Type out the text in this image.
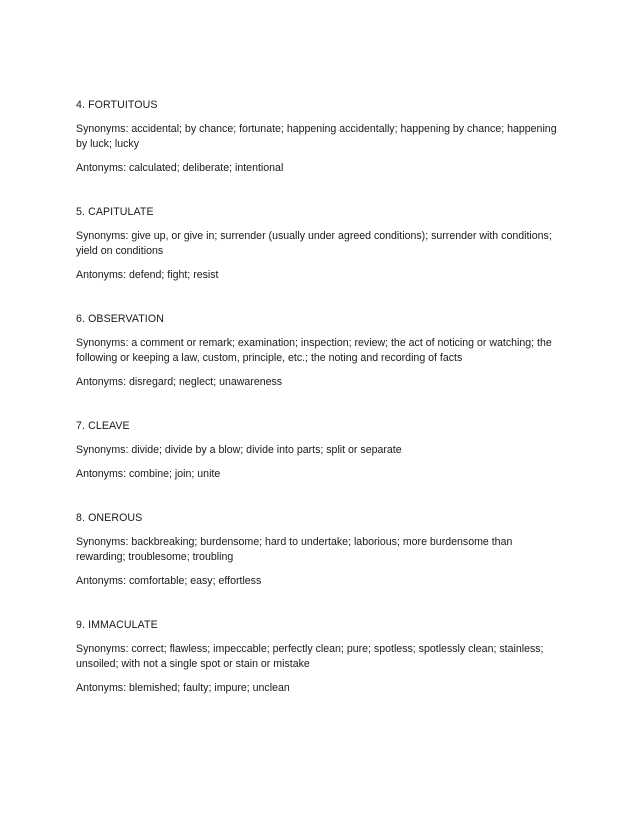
4. FORTUITOUS

Synonyms: accidental; by chance; fortunate; happening accidentally; happening by chance; happening by luck; lucky

Antonyms: calculated; deliberate; intentional

5. CAPITULATE

Synonyms: give up, or give in; surrender (usually under agreed conditions); surrender with conditions; yield on conditions

Antonyms: defend; fight; resist

6. OBSERVATION

Synonyms: a comment or remark; examination; inspection; review; the act of noticing or watching; the following or keeping a law, custom, principle, etc.; the noting and recording of facts

Antonyms: disregard; neglect; unawareness

7. CLEAVE

Synonyms: divide; divide by a blow; divide into parts; split or separate

Antonyms: combine; join; unite

8. ONEROUS

Synonyms: backbreaking; burdensome; hard to undertake; laborious; more burdensome than rewarding; troublesome; troubling

Antonyms: comfortable; easy; effortless

9. IMMACULATE

Synonyms: correct; flawless; impeccable; perfectly clean; pure; spotless; spotlessly clean; stainless; unsoiled; with not a single spot or stain or mistake

Antonyms: blemished; faulty; impure; unclean
